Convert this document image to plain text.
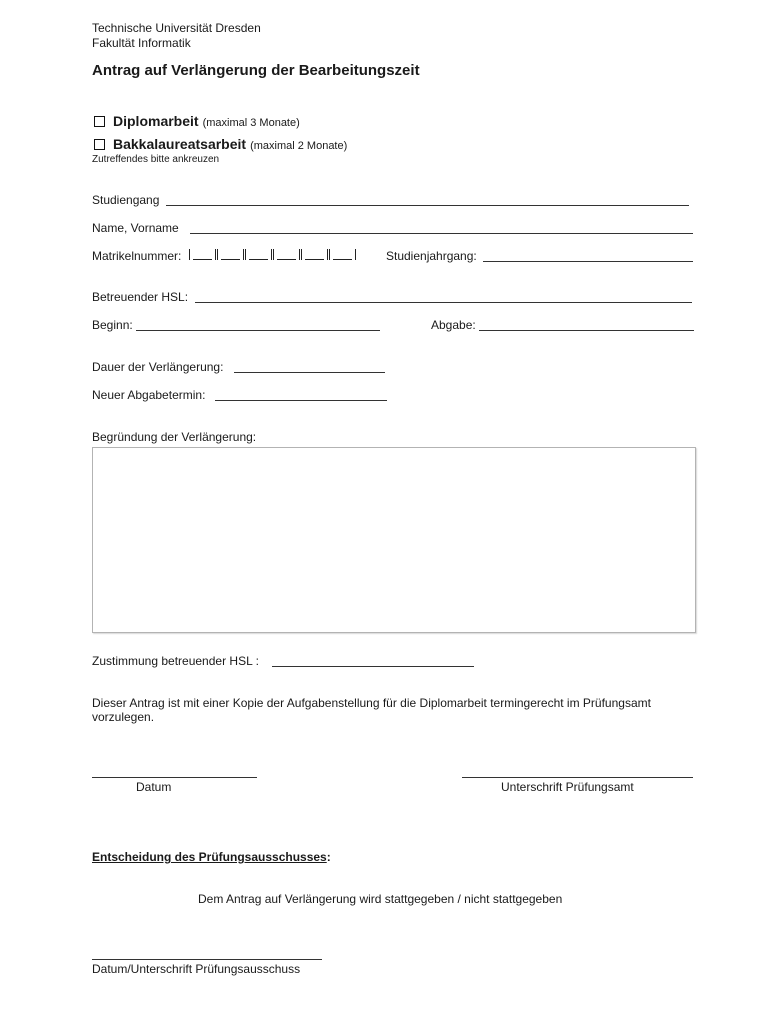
Technische Universität Dresden
Fakultät Informatik
Antrag auf Verlängerung der Bearbeitungszeit
Diplomarbeit (maximal 3 Monate)
Bakkalaureatsarbeit (maximal 2 Monate)
Zutreffendes bitte ankreuzen
Studiengang
Name, Vorname
Matrikelnummer:	Studienjahrgang:
Betreuender HSL:
Beginn:	Abgabe:
Dauer der Verlängerung:
Neuer Abgabetermin:
Begründung der Verlängerung:
Zustimmung betreuender HSL :
Dieser Antrag ist mit einer Kopie der Aufgabenstellung für die Diplomarbeit termingerecht im Prüfungsamt
vorzulegen.
Datum	Unterschrift Prüfungsamt
Entscheidung des Prüfungsausschusses:
Dem Antrag auf Verlängerung wird stattgegeben / nicht stattgegeben
Datum/Unterschrift Prüfungsausschuss
